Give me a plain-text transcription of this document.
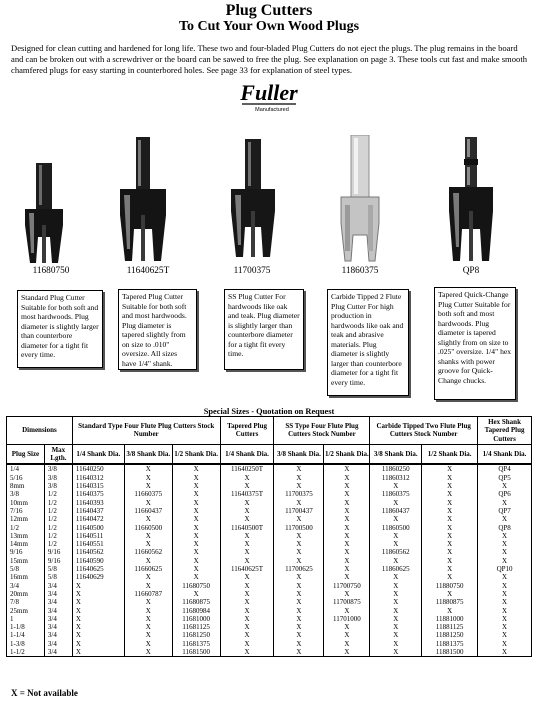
Plug Cutters
To Cut Your Own Wood Plugs
Designed for clean cutting and hardened for long life. These two and four-bladed Plug Cutters do not eject the plugs. The plug remains in the board and can be broken out with a screwdriver or the board can be sawed to free the plug. See explanation on page 3. These tools cut fast and make smooth chamfered plugs for easy starting in counterbored holes. See page 33 for explanation of steel types.
Fuller
Manufactured
11680750	11640625T	11700375	11860375	QP8
Standard Plug Cutter Suitable for both soft and most hardwoods. Plug diameter is slightly larger than counterbore diameter for a tight fit every time.
Tapered Plug Cutter Suitable for both soft and most hardwoods. Plug diameter is tapered slightly from on size to .010" oversize. All sizes have 1/4" shank.
SS Plug Cutter For hardwoods like oak and teak. Plug diameter is slightly larger than counterbore diameter for a tight fit every time.
Carbide Tipped 2 Flute Plug Cutter For high production in hardwoods like oak and teak and abrasive materials. Plug diameter is slightly larger than counterbore diameter for a tight fit every time.
Tapered Quick-Change Plug Cutter Suitable for both soft and most hardwoods. Plug diameter is tapered slightly from on size to .025" oversize. 1/4" hex shanks with power groove for Quick-Change chucks.
Special Sizes - Quotation on Request
Dimensions		Standard Type Four Flute Plug Cutters Stock Number			Tapered Plug Cutters	SS Type Four Flute Plug Cutters Stock Number		Carbide Tipped Two Flute Plug Cutters Stock Number		Hex Shank Tapered Plug Cutters
Plug Size	Max Lgth.	1/4 Shank Dia.	3/8 Shank Dia.	1/2 Shank Dia.	1/4 Shank Dia.	3/8 Shank Dia.	1/2 Shank Dia.	3/8 Shank Dia.	1/2 Shank Dia.	1/4 Shank Dia.
1/4	3/8	11640250	X	X	11640250T	X	X	11860250	X	QP4
5/16	3/8	11640312	X	X	X	X	X	11860312	X	QP5
8mm	3/8	11640315	X	X	X	X	X	X	X	X
3/8	1/2	11640375	11660375	X	11640375T	11700375	X	11860375	X	QP6
10mm	1/2	11640393	X	X	X	X	X	X	X	X
7/16	1/2	11640437	11660437	X	X	11700437	X	11860437	X	QP7
12mm	1/2	11640472	X	X	X	X	X	X	X	X
1/2	1/2	11640500	11660500	X	11640500T	11700500	X	11860500	X	QP8
13mm	1/2	11640511	X	X	X	X	X	X	X	X
14mm	1/2	11640551	X	X	X	X	X	X	X	X
9/16	9/16	11640562	11660562	X	X	X	X	11860562	X	X
15mm	9/16	11640590	X	X	X	X	X	X	X	X
5/8	5/8	11640625	11660625	X	11640625T	11700625	X	11860625	X	QP10
16mm	5/8	11640629	X	X	X	X	X	X	X	X
3/4	3/4	X	X	11680750	X	X	11700750	X	11880750	X
20mm	3/4	X	11660787	X	X	X	X	X	X	X
7/8	3/4	X	X	11680875	X	X	11700875	X	11880875	X
25mm	3/4	X	X	11680984	X	X	X	X	X	X
1	3/4	X	X	11681000	X	X	11701000	X	11881000	X
1-1/8	3/4	X	X	11681125	X	X	X	X	11881125	X
1-1/4	3/4	X	X	11681250	X	X	X	X	11881250	X
1-3/8	3/4	X	X	11681375	X	X	X	X	11881375	X
1-1/2	3/4	X	X	11681500	X	X	X	X	11881500	X
X = Not available
